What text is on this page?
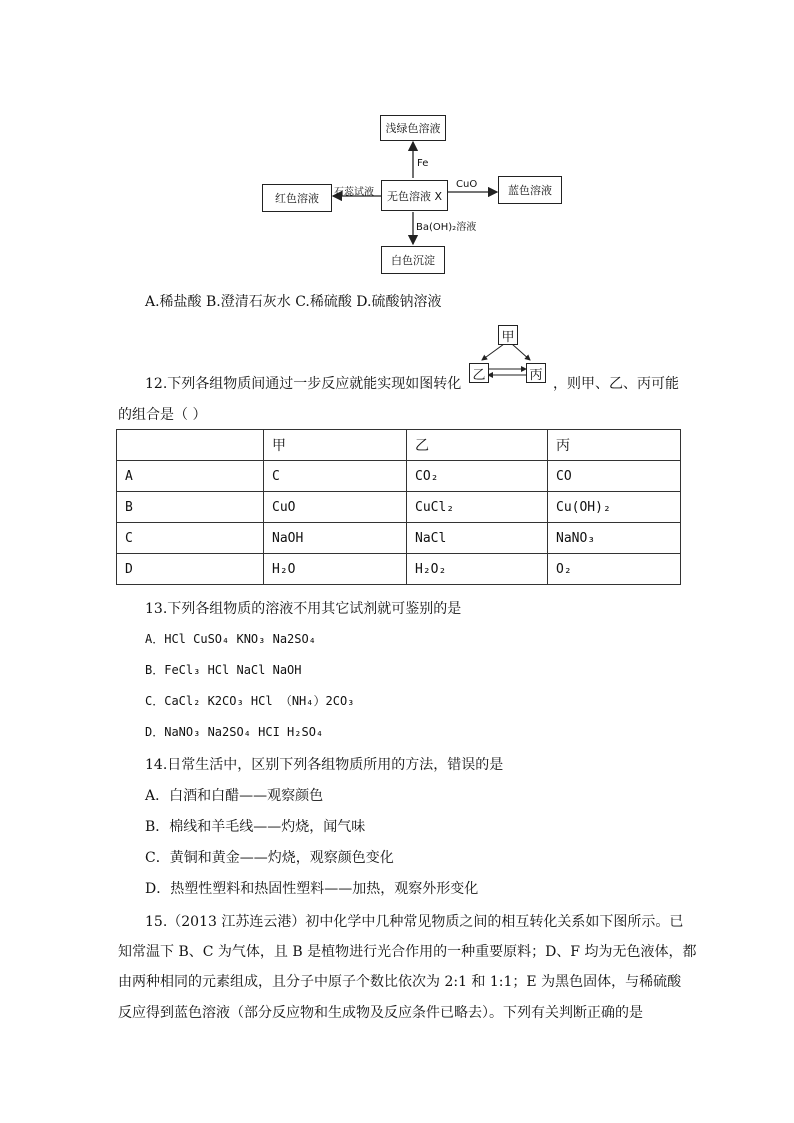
浅绿色溶液
无色溶液 X
红色溶液
蓝色溶液
白色沉淀
Fe
石蕊试液
CuO
Ba(OH)₂溶液
A.稀盐酸 B.澄清石灰水 C.稀硫酸 D.硫酸钠溶液
12.下列各组物质间通过一步反应就能实现如图转化
甲
乙	丙
，则甲、乙、丙可能
的组合是（ ）
	甲	乙	丙
A	C	CO₂	CO
B	CuO	CuCl₂	Cu(OH)₂
C	NaOH	NaCl	NaNO₃
D	H₂O	H₂O₂	O₂
13.下列各组物质的溶液不用其它试剂就可鉴别的是
A．HCl CuSO₄ KNO₃ Na2SO₄
B．FeCl₃ HCl NaCl NaOH
C．CaCl₂ K2CO₃ HCl （NH₄）2CO₃
D．NaNO₃ Na2SO₄ HCI H₂SO₄
14.日常生活中，区别下列各组物质所用的方法，错误的是
A．白酒和白醋——观察颜色
B．棉线和羊毛线——灼烧，闻气味
C．黄铜和黄金——灼烧，观察颜色变化
D．热塑性塑料和热固性塑料——加热，观察外形变化
15.（2013 江苏连云港）初中化学中几种常见物质之间的相互转化关系如下图所示。已
知常温下 B、C 为气体，且 B 是植物进行光合作用的一种重要原料；D、F 均为无色液体，都
由两种相同的元素组成，且分子中原子个数比依次为 2:1 和 1:1；E 为黑色固体，与稀硫酸
反应得到蓝色溶液（部分反应物和生成物及反应条件已略去）。下列有关判断正确的是
